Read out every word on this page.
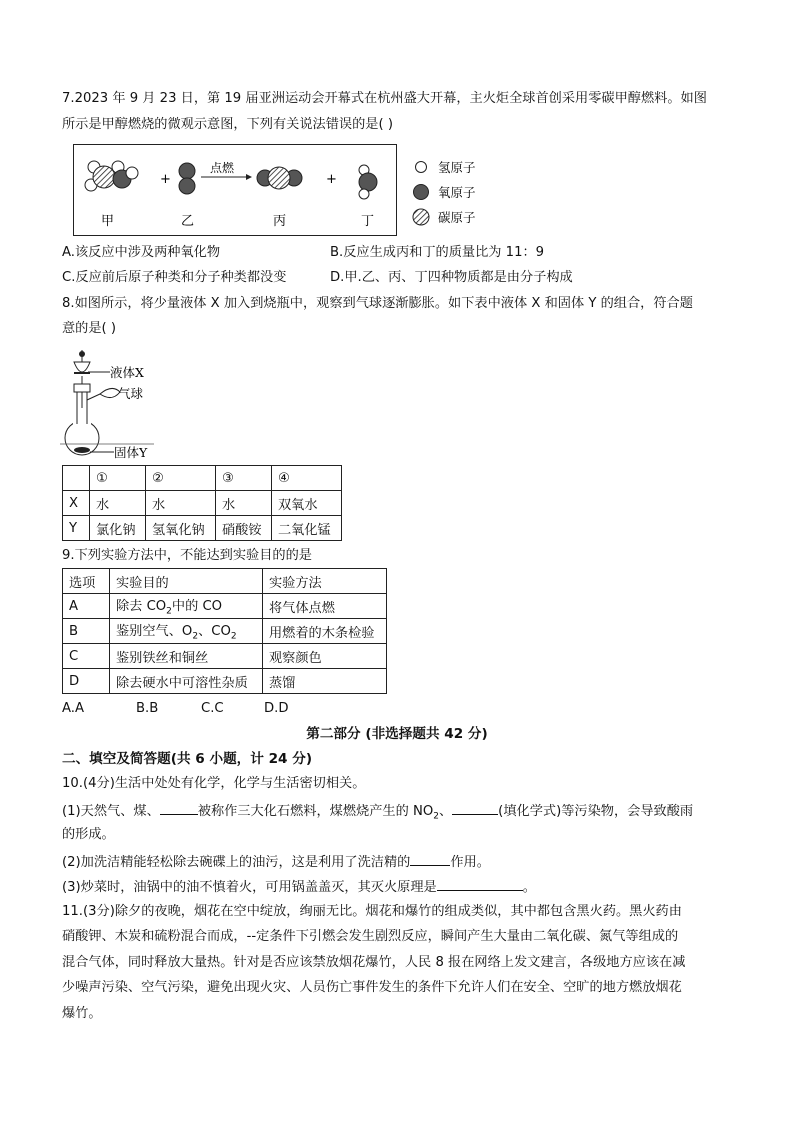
7.2023 年 9 月 23 日，第 19 届亚洲运动会开幕式在杭州盛大开幕，主火炬全球首创采用零碳甲醇燃料。如图
所示是甲醇燃烧的微观示意图，下列有关说法错误的是( )
+
点燃
+
甲	乙	丙	丁
氢原子
氧原子
碳原子
A.该反应中涉及两种氧化物	B.反应生成丙和丁的质量比为 11：9
C.反应前后原子种类和分子种类都没变	D.甲.乙、丙、丁四种物质都是由分子构成
8.如图所示，将少量液体 X 加入到烧瓶中，观察到气球逐渐膨胀。如下表中液体 X 和固体 Y 的组合，符合题
意的是( )
液体X
气球
固体Y
	①	②	③	④
X	水	水	水	双氧水
Y	氯化钠	氢氧化钠	硝酸铵	二氧化锰
9.下列实验方法中，不能达到实验目的的是
选项	实验目的	实验方法
A	除去 $CO_2$中的 CO	将气体点燃
B	鉴别空气、$O_2$、$CO_2$	用燃着的木条检验
C	鉴别铁丝和铜丝	观察颜色
D	除去硬水中可溶性杂质	蒸馏
A.A	B.B	C.C	D.D
第二部分 (非选择题共 42 分)
二、填空及简答题(共 6 小题，计 24 分)
10.(4分)生活中处处有化学，化学与生活密切相关。
(1)天然气、煤、	被称作三大化石燃料，煤燃烧产生的 $NO_2$、	(填化学式)等污染物，会导致酸雨
的形成。
(2)加洗洁精能轻松除去碗碟上的油污，这是利用了洗洁精的	作用。
(3)炒菜时，油锅中的油不慎着火，可用锅盖盖灭，其灭火原理是	。
11.(3分)除夕的夜晚，烟花在空中绽放，绚丽无比。烟花和爆竹的组成类似，其中都包含黑火药。黑火药由
硝酸钾、木炭和硫粉混合而成，--定条件下引燃会发生剧烈反应，瞬间产生大量由二氧化碳、氮气等组成的
混合气体，同时释放大量热。针对是否应该禁放烟花爆竹，人民 8 报在网络上发文建言，各级地方应该在减
少噪声污染、空气污染，避免出现火灾、人员伤亡事件发生的条件下允许人们在安全、空旷的地方燃放烟花
爆竹。
